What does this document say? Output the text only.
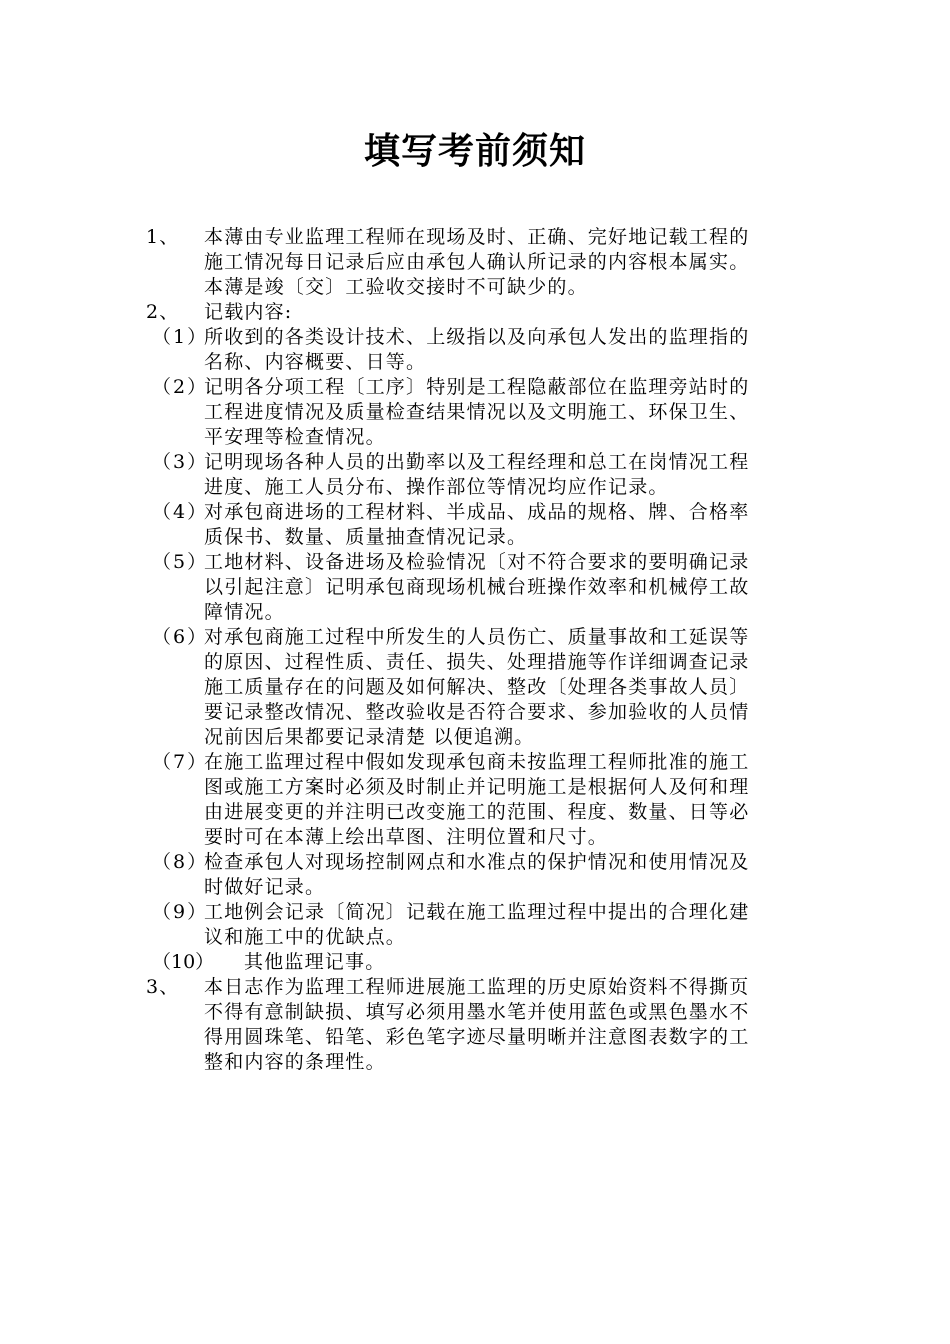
填写考前须知
1、	本薄由专业监理工程师在现场及时、正确、完好地记载工程的
施工情况每日记录后应由承包人确认所记录的内容根本属实。
本薄是竣〔交〕工验收交接时不可缺少的。
2、	记载内容:
（1）
所收到的各类设计技术、上级指以及向承包人发出的监理指的
名称、内容概要、日等。
（2）
记明各分项工程〔工序〕特别是工程隐蔽部位在监理旁站时的
工程进度情况及质量检查结果情况以及文明施工、环保卫生、
平安理等检查情况。
（3）
记明现场各种人员的出勤率以及工程经理和总工在岗情况工程
进度、施工人员分布、操作部位等情况均应作记录。
（4）
对承包商进场的工程材料、半成品、成品的规格、牌、合格率
质保书、数量、质量抽查情况记录。
（5）
工地材料、设备进场及检验情况〔对不符合要求的要明确记录
以引起注意〕记明承包商现场机械台班操作效率和机械停工故
障情况。
（6）
对承包商施工过程中所发生的人员伤亡、质量事故和工延误等
的原因、过程性质、责任、损失、处理措施等作详细调查记录
施工质量存在的问题及如何解决、整改〔处理各类事故人员〕
要记录整改情况、整改验收是否符合要求、参加验收的人员情
况前因后果都要记录清楚 以便追溯。
（7）
在施工监理过程中假如发现承包商未按监理工程师批准的施工
图或施工方案时必须及时制止并记明施工是根据何人及何和理
由进展变更的并注明已改变施工的范围、程度、数量、日等必
要时可在本薄上绘出草图、注明位置和尺寸。
（8）
检查承包人对现场控制网点和水准点的保护情况和使用情况及
时做好记录。
（9）
工地例会记录〔简况〕记载在施工监理过程中提出的合理化建
议和施工中的优缺点。
（10）	其他监理记事。
3、	本日志作为监理工程师进展施工监理的历史原始资料不得撕页
不得有意制缺损、填写必须用墨水笔并使用蓝色或黑色墨水不
得用圆珠笔、铅笔、彩色笔字迹尽量明晰并注意图表数字的工
整和内容的条理性。
